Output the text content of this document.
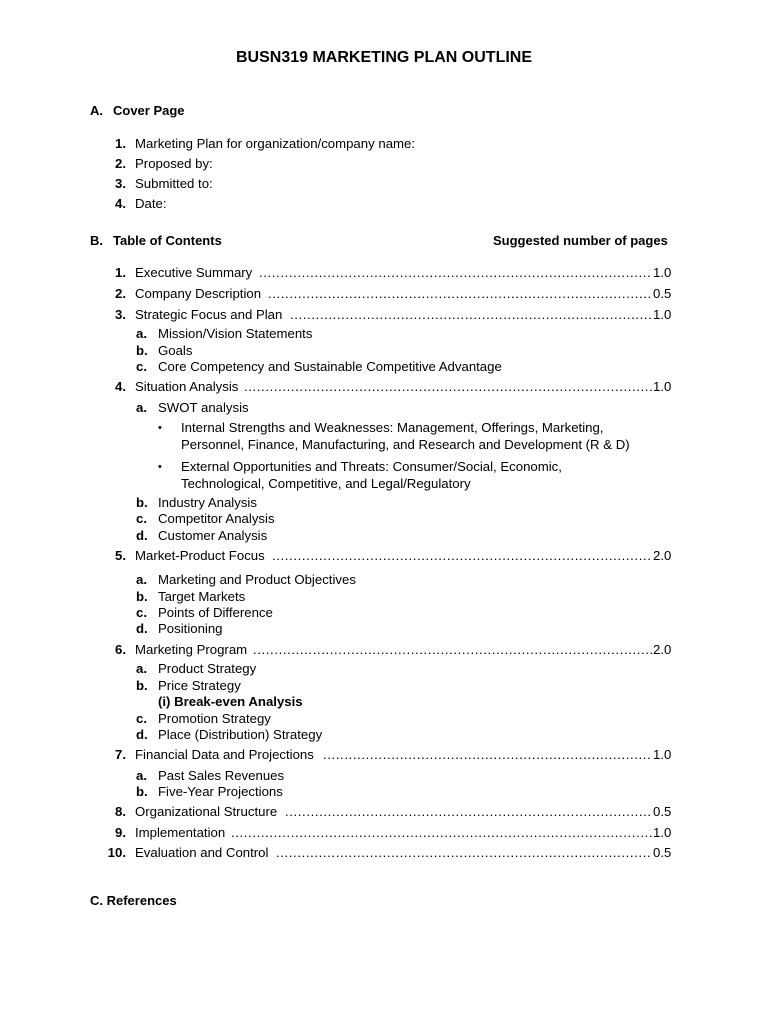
BUSN319 MARKETING PLAN OUTLINE
A. Cover Page
1. Marketing Plan for organization/company name:
2. Proposed by:
3. Submitted to:
4. Date:
B. Table of Contents	Suggested number of pages
1. Executive Summary .....	1.0
2. Company Description .....	0.5
3. Strategic Focus and Plan .....	1.0
a. Mission/Vision Statements
b. Goals
c. Core Competency and Sustainable Competitive Advantage
4. Situation Analysis .....	1.0
a. SWOT analysis
• Internal Strengths and Weaknesses: Management, Offerings, Marketing,
Personnel, Finance, Manufacturing, and Research and Development (R & D)
• External Opportunities and Threats: Consumer/Social, Economic,
Technological, Competitive, and Legal/Regulatory
b. Industry Analysis
c. Competitor Analysis
d. Customer Analysis
5. Market-Product Focus .....	2.0
a. Marketing and Product Objectives
b. Target Markets
c. Points of Difference
d. Positioning
6. Marketing Program .....	2.0
a. Product Strategy
b. Price Strategy
(i) Break-even Analysis
c. Promotion Strategy
d. Place (Distribution) Strategy
7. Financial Data and Projections .....	1.0
a. Past Sales Revenues
b. Five-Year Projections
8. Organizational Structure .....	0.5
9. Implementation .....	1.0
10. Evaluation and Control .....	0.5
C. References
